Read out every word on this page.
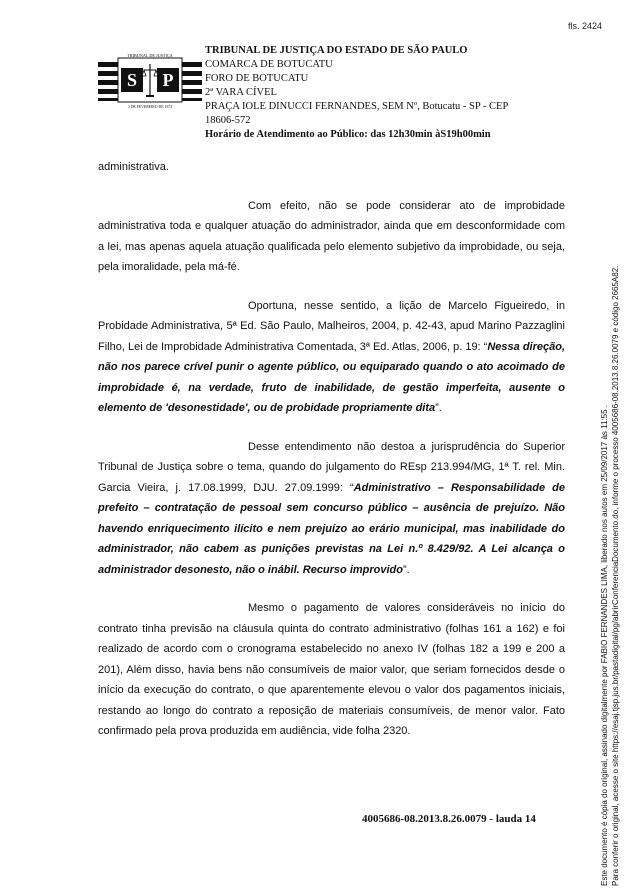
fls. 2424
S P
TRIBUNAL DE JUSTIÇA
3 DE FEVEREIRO DE 1874
TRIBUNAL DE JUSTIÇA DO ESTADO DE SÃO PAULO
COMARCA DE BOTUCATU
FORO DE BOTUCATU
2ª VARA CÍVEL
PRAÇA IOLE DINUCCI FERNANDES, SEM Nº, Botucatu - SP - CEP
18606-572
Horário de Atendimento ao Público: das 12h30min àS19h00min

administrativa.

Com efeito, não se pode considerar ato de improbidade administrativa toda e qualquer atuação do administrador, ainda que em desconformidade com a lei, mas apenas aquela atuação qualificada pelo elemento subjetivo da improbidade, ou seja, pela imoralidade, pela má-fé.

Oportuna, nesse sentido, a lição de Marcelo Figueiredo, in Probidade Administrativa, 5ª Ed. São Paulo, Malheiros, 2004, p. 42-43, apud Marino Pazzaglini Filho, Lei de Improbidade Administrativa Comentada, 3ª Ed. Atlas, 2006, p. 19: “Nessa direção, não nos parece crível punir o agente público, ou equiparado quando o ato acoimado de improbidade é, na verdade, fruto de inabilidade, de gestão imperfeita, ausente o elemento de 'desonestidade', ou de probidade propriamente dita”.

Desse entendimento não destoa a jurisprudência do Superior Tribunal de Justiça sobre o tema, quando do julgamento do REsp 213.994/MG, 1ª T. rel. Min. Garcia Vieira, j. 17.08.1999, DJU. 27.09.1999: “Administrativo – Responsabilidade de prefeito – contratação de pessoal sem concurso público – ausência de prejuízo. Não havendo enriquecimento ilícito e nem prejuízo ao erário municipal, mas inabilidade do administrador, não cabem as punições previstas na Lei n.º 8.429/92. A Lei alcança o administrador desonesto, não o inábil. Recurso improvido”.

Mesmo o pagamento de valores consideráveis no início do contrato tinha previsão na cláusula quinta do contrato administrativo (folhas 161 a 162) e foi realizado de acordo com o cronograma estabelecido no anexo IV (folhas 182 a 199 e 200 a 201), Além disso, havia bens não consumíveis de maior valor, que seriam fornecidos desde o início da execução do contrato, o que aparentemente elevou o valor dos pagamentos iniciais, restando ao longo do contrato a reposição de materiais consumíveis, de menor valor. Fato confirmado pela prova produzida em audiência, vide folha 2320.

4005686-08.2013.8.26.0079 - lauda 14	Este documento é cópia do original, assinado digitalmente por FABIO FERNANDES LIMA, liberado nos autos em 25/09/2017 às 11:55 . Para conferir o original, acesse o site https://esaj.tjsp.jus.br/pastadigital/pg/abrirConferenciaDocumento.do, informe o processo 4005686-08.2013.8.26.0079 e código 2665A82.
